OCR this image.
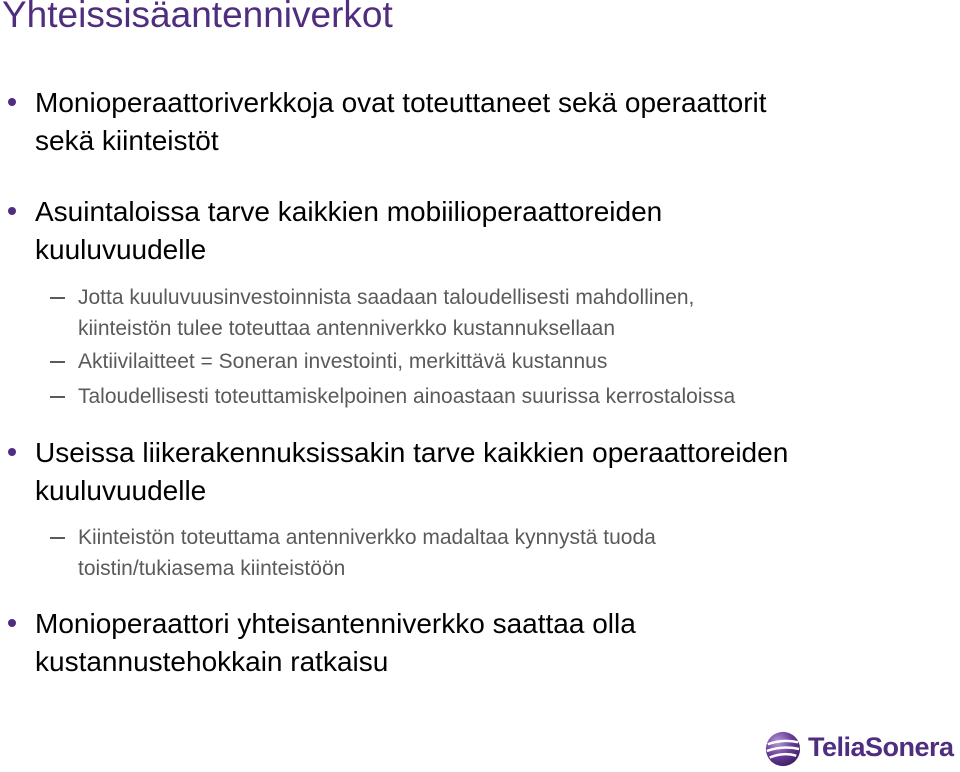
Yhteissisäantenniverkot
Monioperaattoriverkkoja ovat toteuttaneet sekä operaattorit
sekä kiinteistöt
Asuintaloissa tarve kaikkien mobiilioperaattoreiden
kuuluvuudelle
Jotta kuuluvuusinvestoinnista saadaan taloudellisesti mahdollinen,
kiinteistön tulee toteuttaa antenniverkko kustannuksellaan
Aktiivilaitteet = Soneran investointi, merkittävä kustannus
Taloudellisesti toteuttamiskelpoinen ainoastaan suurissa kerrostaloissa
Useissa liikerakennuksissakin tarve kaikkien operaattoreiden
kuuluvuudelle
Kiinteistön toteuttama antenniverkko madaltaa kynnystä tuoda
toistin/tukiasema kiinteistöön
Monioperaattori yhteisantenniverkko saattaa olla
kustannustehokkain ratkaisu
TeliaSonera
